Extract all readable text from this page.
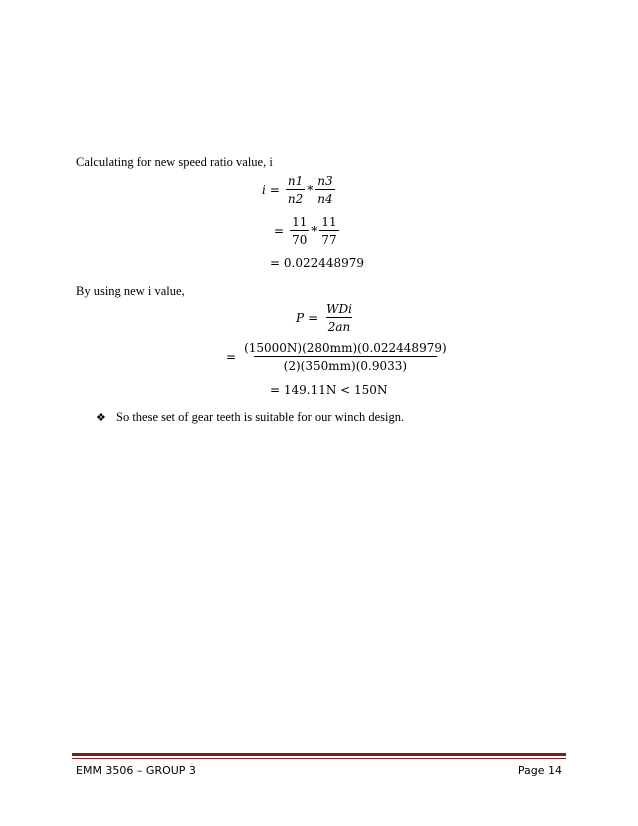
Calculating for new speed ratio value, i
$i = \frac{n1}{n2} * \frac{n3}{n4}$
= $\frac{11}{70} * \frac{11}{77}$
= 0.022448979
By using new i value,
$P = \frac{\text{WDi}}{2an}$
= $\frac{(15000N)(280mm)(0.022448979)}{(2)(350mm)(0.9033)}$
= 149.11N < 150N
❖ So these set of gear teeth is suitable for our winch design.
EMM 3506 – GROUP 3	Page 14
